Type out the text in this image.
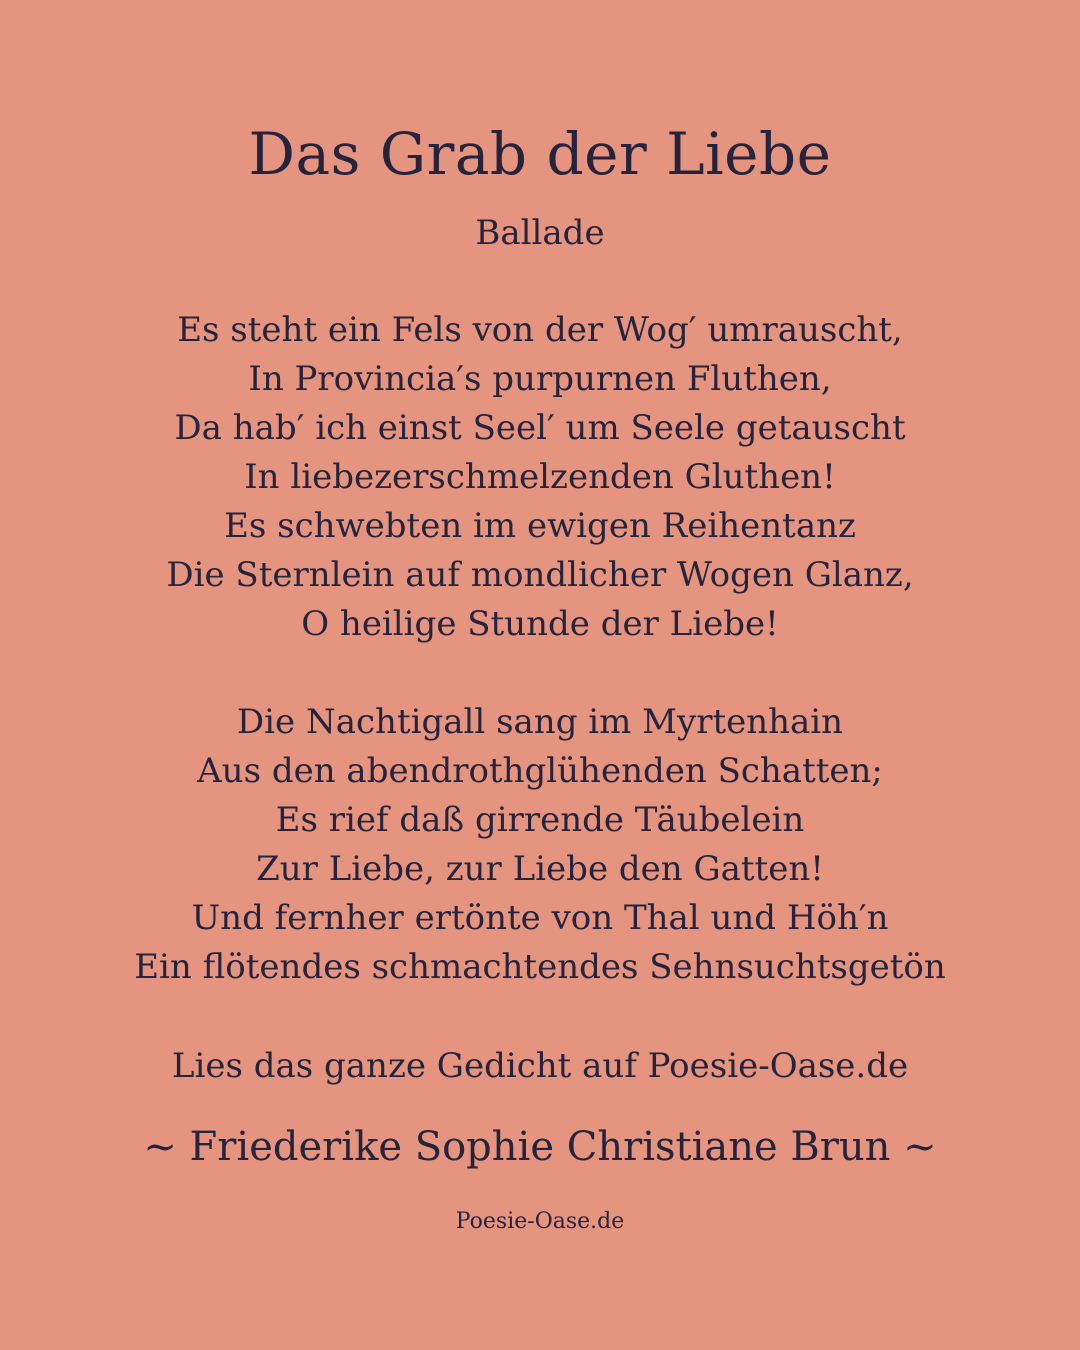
Das Grab der Liebe
Ballade
Es steht ein Fels von der Wog′ umrauscht,
In Provincia′s purpurnen Fluthen,
Da hab′ ich einst Seel′ um Seele getauscht
In liebezerschmelzenden Gluthen!
Es schwebten im ewigen Reihentanz
Die Sternlein auf mondlicher Wogen Glanz,
O heilige Stunde der Liebe!
Die Nachtigall sang im Myrtenhain
Aus den abendrothglühenden Schatten;
Es rief daß girrende Täubelein
Zur Liebe, zur Liebe den Gatten!
Und fernher ertönte von Thal und Höh′n
Ein flötendes schmachtendes Sehnsuchtsgetön
Lies das ganze Gedicht auf Poesie-Oase.de
~ Friederike Sophie Christiane Brun ~
Poesie-Oase.de
